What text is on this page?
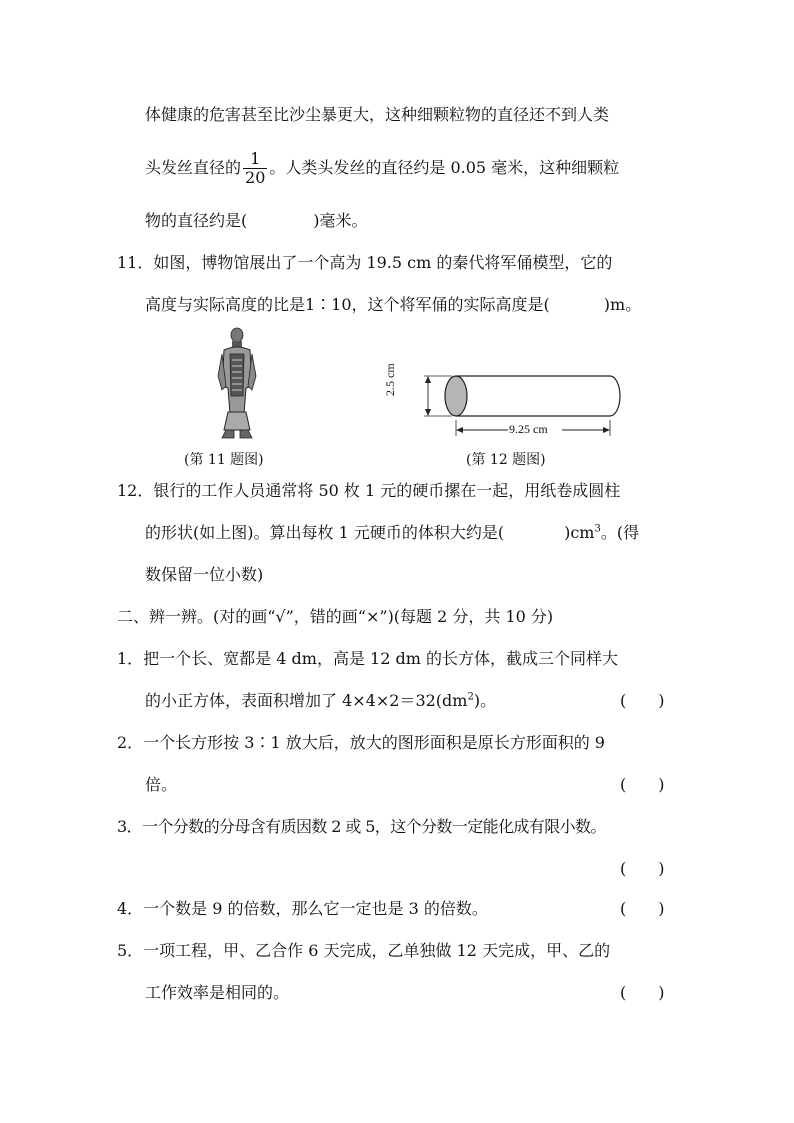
体健康的危害甚至比沙尘暴更大，这种细颗粒物的直径还不到人类
头发丝直径的 $\frac{1}{20}$ 。人类头发丝的直径约是 0.05 毫米，这种细颗粒
物的直径约是(	)毫米。
11．如图，博物馆展出了一个高为 19.5 cm 的秦代将军俑模型，它的
高度与实际高度的比是1∶10，这个将军俑的实际高度是(	)m。
(第 11 题图)
2.5 cm
9.25 cm
(第 12 题图)
12．银行的工作人员通常将 50 枚 1 元的硬币摞在一起，用纸卷成圆柱
的形状(如上图)。算出每枚 1 元硬币的体积大约是(	)$cm^3$。(得
数保留一位小数)
二、辨一辨。(对的画“√”，错的画“×”)(每题 2 分，共 10 分)
1．把一个长、宽都是 4 dm，高是 12 dm 的长方体，截成三个同样大
的小正方体，表面积增加了 $4\times 4\times 2=32(dm^2)$。	(　　)
2．一个长方形按 3∶1 放大后，放大的图形面积是原长方形面积的 9
倍。	(　　)
3．一个分数的分母含有质因数 2 或 5，这个分数一定能化成有限小数。
(　　)
4．一个数是 9 的倍数，那么它一定也是 3 的倍数。	(　　)
5．一项工程，甲、乙合作 6 天完成，乙单独做 12 天完成，甲、乙的
工作效率是相同的。	(　　)
